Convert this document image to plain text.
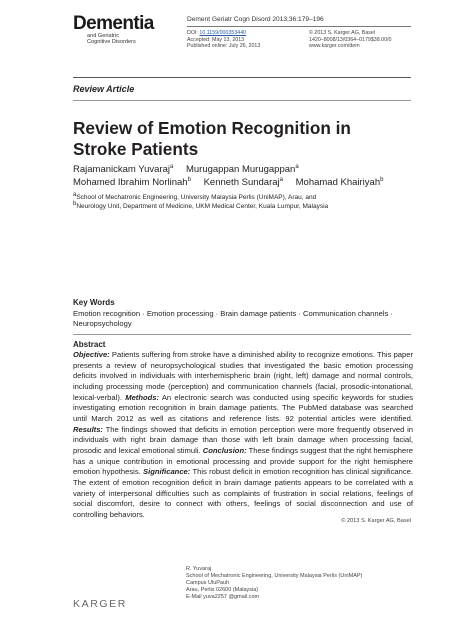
Dementia
and Geriatric
Cognitive Disorders
Dement Geriatr Cogn Disord 2013;36:179–196
DOI: 10.1159/000353440
Accepted: May 13, 2013
Published online: July 26, 2013
© 2013 S. Karger AG, Basel
1420–8008/13/0364–0179$38.00/0
www.karger.com/dem
Review Article
Review of Emotion Recognition in
Stroke Patients
Rajamanickam Yuvaraj$^a$ Murugappan Murugappan$^a$
Mohamed Ibrahim Norlinah$^b$ Kenneth Sundaraj$^a$ Mohamad Khairiyah$^b$
$^a$School of Mechatronic Engineering, University Malaysia Perlis (UniMAP), Arau, and
$^b$Neurology Unit, Department of Medicine, UKM Medical Center, Kuala Lumpur, Malaysia
Key Words
Emotion recognition · Emotion processing · Brain damage patients · Communication channels · Neuropsychology
Abstract
Objective: Patients suffering from stroke have a diminished ability to recognize emotions. This paper presents a review of neuropsychological studies that investigated the basic emotion processing deficits involved in individuals with interhemispheric brain (right, left) damage and normal controls, including processing mode (perception) and communication channels (facial, prosodic-intonational, lexical-verbal). Methods: An electronic search was conducted using specific keywords for studies investigating emotion recognition in brain damage patients. The PubMed database was searched until March 2012 as well as citations and reference lists. 92 potential articles were identified. Results: The findings showed that deficits in emotion perception were more frequently observed in individuals with right brain damage than those with left brain damage when processing facial, prosodic and lexical emotional stimuli. Conclusion: These findings suggest that the right hemisphere has a unique contribution in emotional processing and provide support for the right hemisphere emotion hypothesis. Significance: This robust deficit in emotion recognition has clinical significance. The extent of emotion recognition deficit in brain damage patients appears to be correlated with a variety of interpersonal difficulties such as complaints of frustration in social relations, feelings of social discomfort, desire to connect with others, feelings of social disconnection and use of controlling behaviors.
© 2013 S. Karger AG, Basel
R. Yuvaraj
School of Mechatronic Engineering, University Malaysia Perlis (UniMAP)
Campus UluPauh
Arau, Perlis 02600 (Malaysia)
E-Mail yuva2257 @gmail.com
KARGER
